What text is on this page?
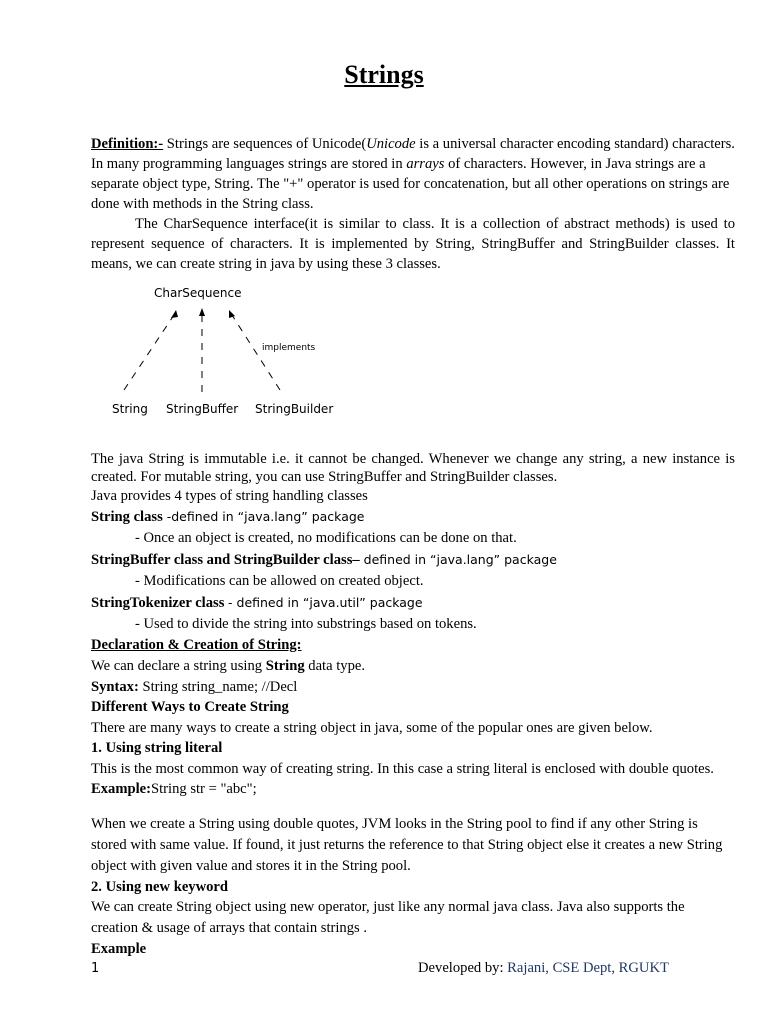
Strings

Definition:- Strings are sequences of Unicode(Unicode is a universal character encoding standard) characters. In many programming languages strings are stored in arrays of characters. However, in Java strings are a separate object type, String. The "+" operator is used for concatenation, but all other operations on strings are done with methods in the String class.

The CharSequence interface(it is similar to class. It is a collection of abstract methods) is used to represent sequence of characters. It is implemented by String, StringBuffer and StringBuilder classes. It means, we can create string in java by using these 3 classes.

CharSequence
implements
String StringBuffer StringBuilder

The java String is immutable i.e. it cannot be changed. Whenever we change any string, a new instance is created. For mutable string, you can use StringBuffer and StringBuilder classes.

Java provides 4 types of string handling classes

String class -defined in “java.lang” package

- Once an object is created, no modifications can be done on that.

StringBuffer class and StringBuilder class– defined in “java.lang” package

- Modifications can be allowed on created object.

StringTokenizer class - defined in “java.util” package

- Used to divide the string into substrings based on tokens.

Declaration & Creation of String:

We can declare a string using String data type.

Syntax: String string_name; //Decl

Different Ways to Create String

There are many ways to create a string object in java, some of the popular ones are given below.

1. Using string literal

This is the most common way of creating string. In this case a string literal is enclosed with double quotes.

Example:String str = "abc";

When we create a String using double quotes, JVM looks in the String pool to find if any other String is stored with same value. If found, it just returns the reference to that String object else it creates a new String object with given value and stores it in the String pool.

2. Using new keyword

We can create String object using new operator, just like any normal java class. Java also supports the creation & usage of arrays that contain strings .

Example

1	Developed by: Rajani, CSE Dept, RGUKT
